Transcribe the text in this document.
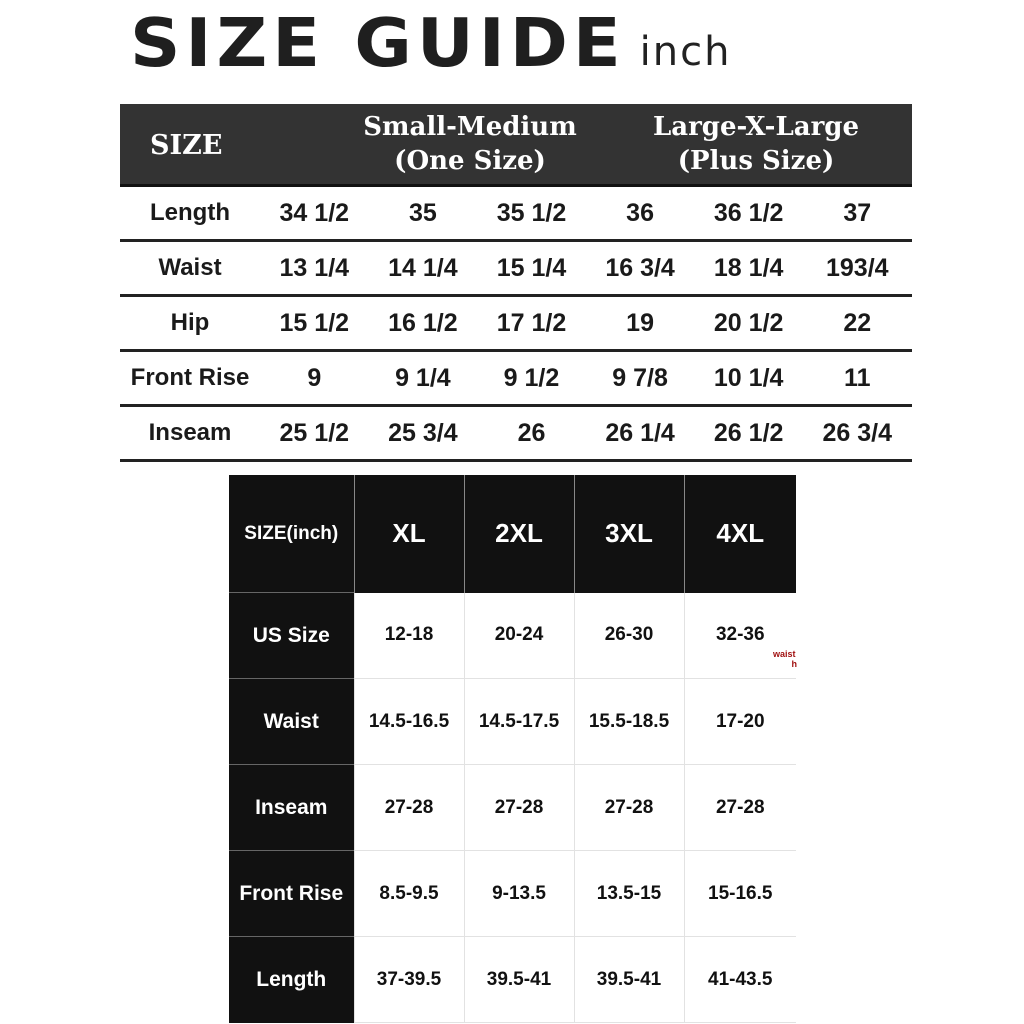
SIZE GUIDE inch
SIZE
Small-Medium
(One Size)
Large-X-Large
(Plus Size)
Length	34 1/2	35	35 1/2	36	36 1/2	37
Waist	13 1/4	14 1/4	15 1/4	16 3/4	18 1/4	193/4
Hip	15 1/2	16 1/2	17 1/2	19	20 1/2	22
Front Rise	9	9 1/4	9 1/2	9 7/8	10 1/4	11
Inseam	25 1/2	25 3/4	26	26 1/4	26 1/2	26 3/4
SIZE(inch)	XL	2XL	3XL	4XL
US Size	12-18	20-24	26-30	32-36
Waist	14.5-16.5	14.5-17.5	15.5-18.5	17-20
Inseam	27-28	27-28	27-28	27-28
Front Rise	8.5-9.5	9-13.5	13.5-15	15-16.5
Length	37-39.5	39.5-41	39.5-41	41-43.5
waist
h
